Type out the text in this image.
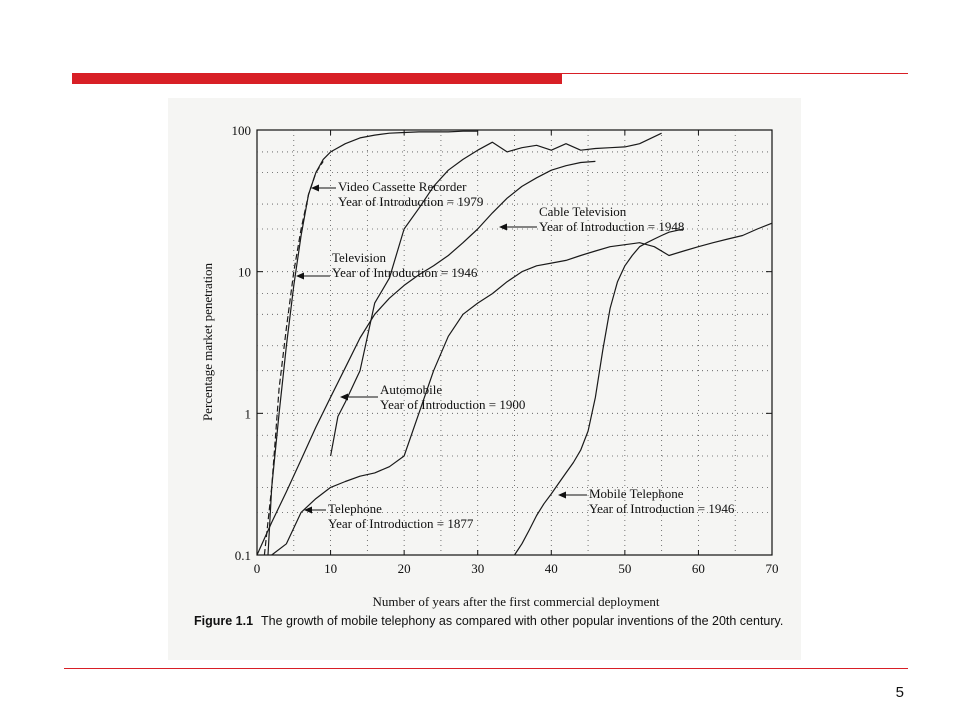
0	10	20	30	40	50	60	70
0.1
1
10
100
Video Cassette Recorder
Year of Introduction = 1979
Television
Year of Introduction = 1946
Cable Television
Year of Introduction = 1948
Automobile
Year of Introduction = 1900
Telephone
Year of Introduction = 1877
Mobile Telephone
Year of Introduction = 1946
Number of years after the first commercial deployment
Percentage market penetration
Figure 1.1 The growth of mobile telephony as compared with other popular inventions of the 20th century.
5
